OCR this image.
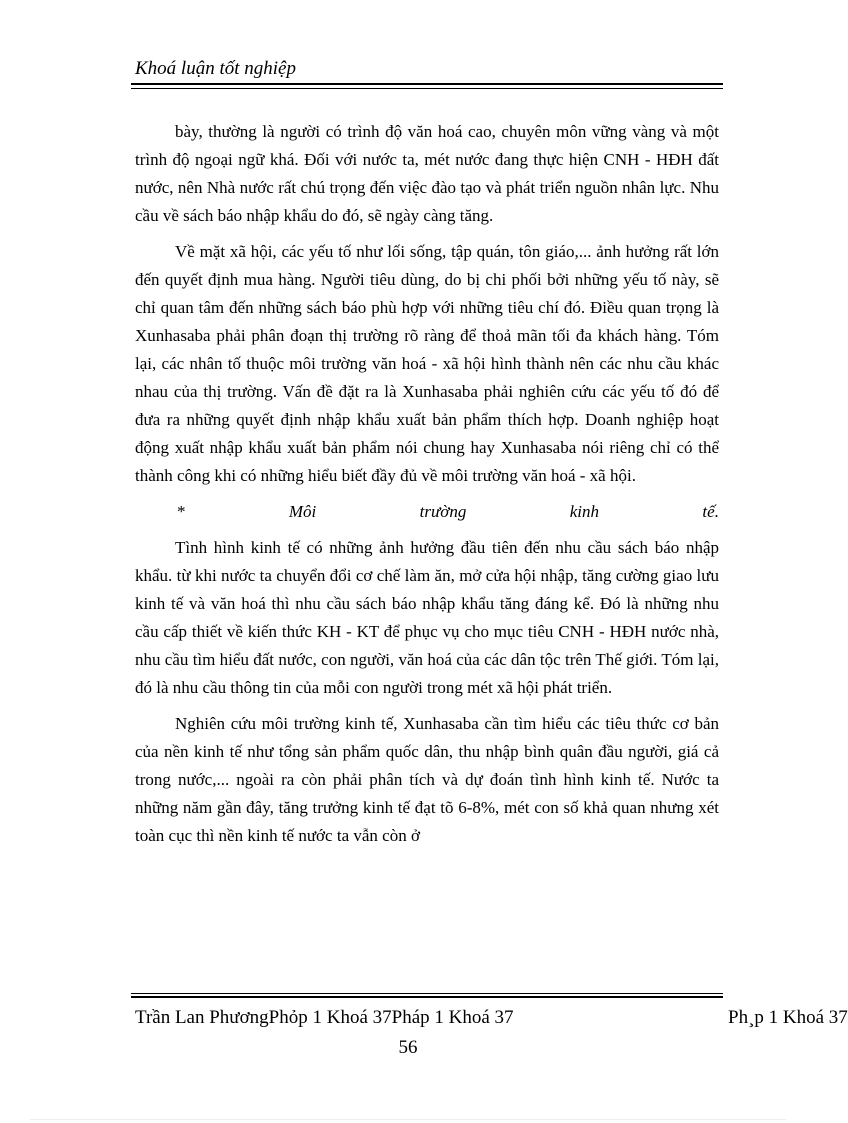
Khoá luận tốt nghiệp

bày, thường là người có trình độ văn hoá cao, chuyên môn vững vàng và một trình độ ngoại ngữ khá. Đối với nước ta, mét nước đang thực hiện CNH - HĐH đất nước, nên Nhà nước rất chú trọng đến việc đào tạo và phát triển nguồn nhân lực. Nhu cầu về sách báo nhập khẩu do đó, sẽ ngày càng tăng.

Về mặt xã hội, các yếu tố như lối sống, tập quán, tôn giáo,... ảnh hưởng rất lớn đến quyết định mua hàng. Người tiêu dùng, do bị chi phối bởi những yếu tố này, sẽ chỉ quan tâm đến những sách báo phù hợp với những tiêu chí đó. Điều quan trọng là Xunhasaba phải phân đoạn thị trường rõ ràng để thoả mãn tối đa khách hàng. Tóm lại, các nhân tố thuộc môi trường văn hoá - xã hội hình thành nên các nhu cầu khác nhau của thị trường. Vấn đề đặt ra là Xunhasaba phải nghiên cứu các yếu tố đó để đưa ra những quyết định nhập khẩu xuất bản phẩm thích hợp. Doanh nghiệp hoạt động xuất nhập khẩu xuất bản phẩm nói chung hay Xunhasaba nói riêng chỉ có thể thành công khi có những hiểu biết đầy đủ về môi trường văn hoá - xã hội.

*	Môi	trường	kinh	tế.

Tình hình kinh tế có những ảnh hưởng đầu tiên đến nhu cầu sách báo nhập khẩu. từ khi nước ta chuyển đổi cơ chế làm ăn, mở cửa hội nhập, tăng cường giao lưu kinh tế và văn hoá thì nhu cầu sách báo nhập khẩu tăng đáng kể. Đó là những nhu cầu cấp thiết về kiến thức KH - KT để phục vụ cho mục tiêu CNH - HĐH nước nhà, nhu cầu tìm hiểu đất nước, con người, văn hoá của các dân tộc trên Thế giới. Tóm lại, đó là nhu cầu thông tin của mỗi con người trong mét xã hội phát triển.

Nghiên cứu môi trường kinh tế, Xunhasaba cần tìm hiểu các tiêu thức cơ bản của nền kinh tế như tổng sản phẩm quốc dân, thu nhập bình quân đầu người, giá cả trong nước,... ngoài ra còn phải phân tích và dự đoán tình hình kinh tế. Nước ta những năm gần đây, tăng trưởng kinh tế đạt tõ 6-8%, mét con số khả quan nhưng xét toàn cục thì nền kinh tế nước ta vẫn còn ở

Trần Lan PhươngPhỏp 1 Khoá 37Pháp 1 Khoá 37	Ph¸p 1 Khoá 37
56
